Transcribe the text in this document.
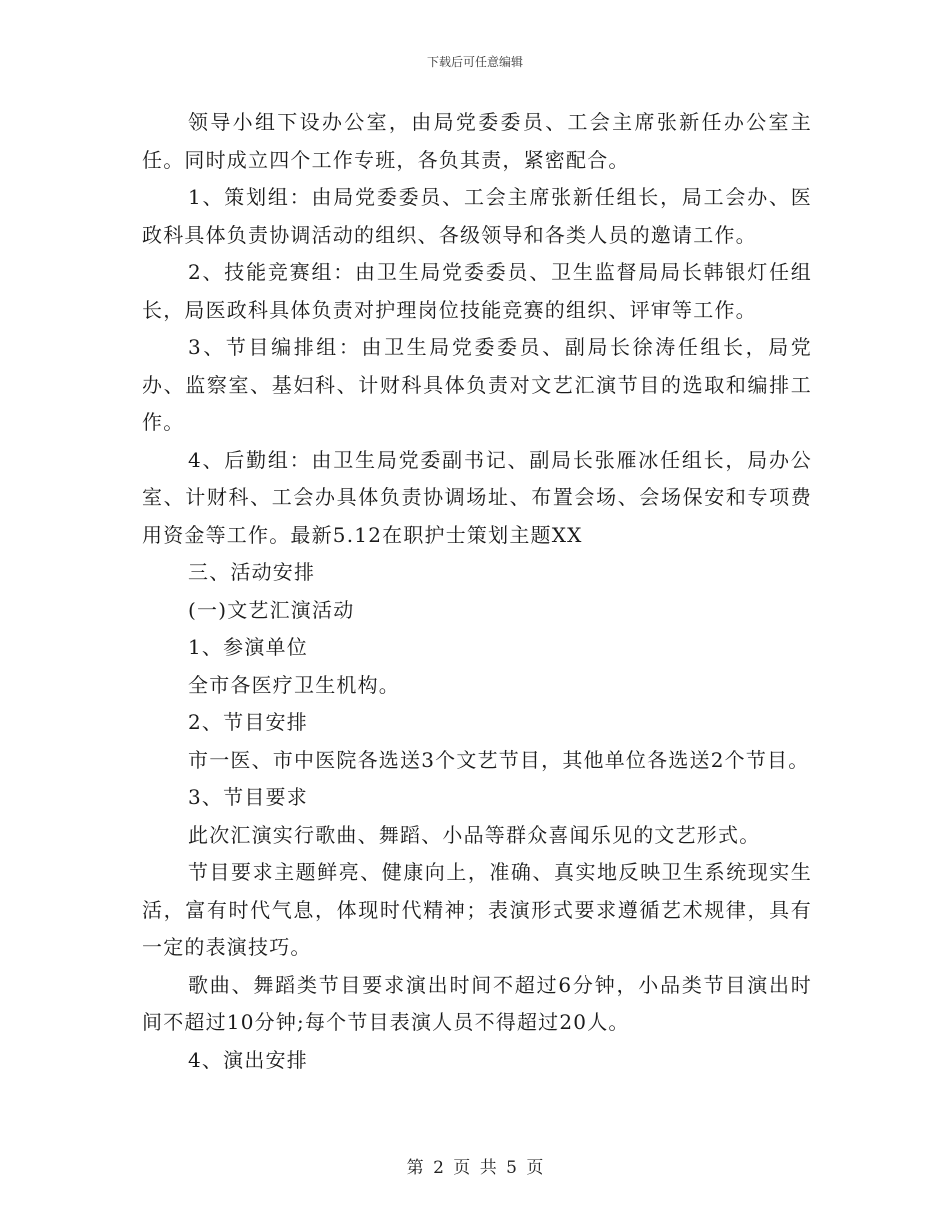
下载后可任意编辑

领导小组下设办公室，由局党委委员、工会主席张新任办公室主任。同时成立四个工作专班，各负其责，紧密配合。

1、策划组：由局党委委员、工会主席张新任组长，局工会办、医政科具体负责协调活动的组织、各级领导和各类人员的邀请工作。

2、技能竞赛组：由卫生局党委委员、卫生监督局局长韩银灯任组长，局医政科具体负责对护理岗位技能竞赛的组织、评审等工作。

3、节目编排组：由卫生局党委委员、副局长徐涛任组长，局党办、监察室、基妇科、计财科具体负责对文艺汇演节目的选取和编排工作。

4、后勤组：由卫生局党委副书记、副局长张雁冰任组长，局办公室、计财科、工会办具体负责协调场址、布置会场、会场保安和专项费用资金等工作。最新5.12在职护士策划主题XX

三、活动安排

(一)文艺汇演活动

1、参演单位

全市各医疗卫生机构。

2、节目安排

市一医、市中医院各选送3个文艺节目，其他单位各选送2个节目。

3、节目要求

此次汇演实行歌曲、舞蹈、小品等群众喜闻乐见的文艺形式。

节目要求主题鲜亮、健康向上，准确、真实地反映卫生系统现实生活，富有时代气息，体现时代精神；表演形式要求遵循艺术规律，具有一定的表演技巧。

歌曲、舞蹈类节目要求演出时间不超过6分钟，小品类节目演出时间不超过10分钟;每个节目表演人员不得超过20人。

4、演出安排

第 2 页 共 5 页
